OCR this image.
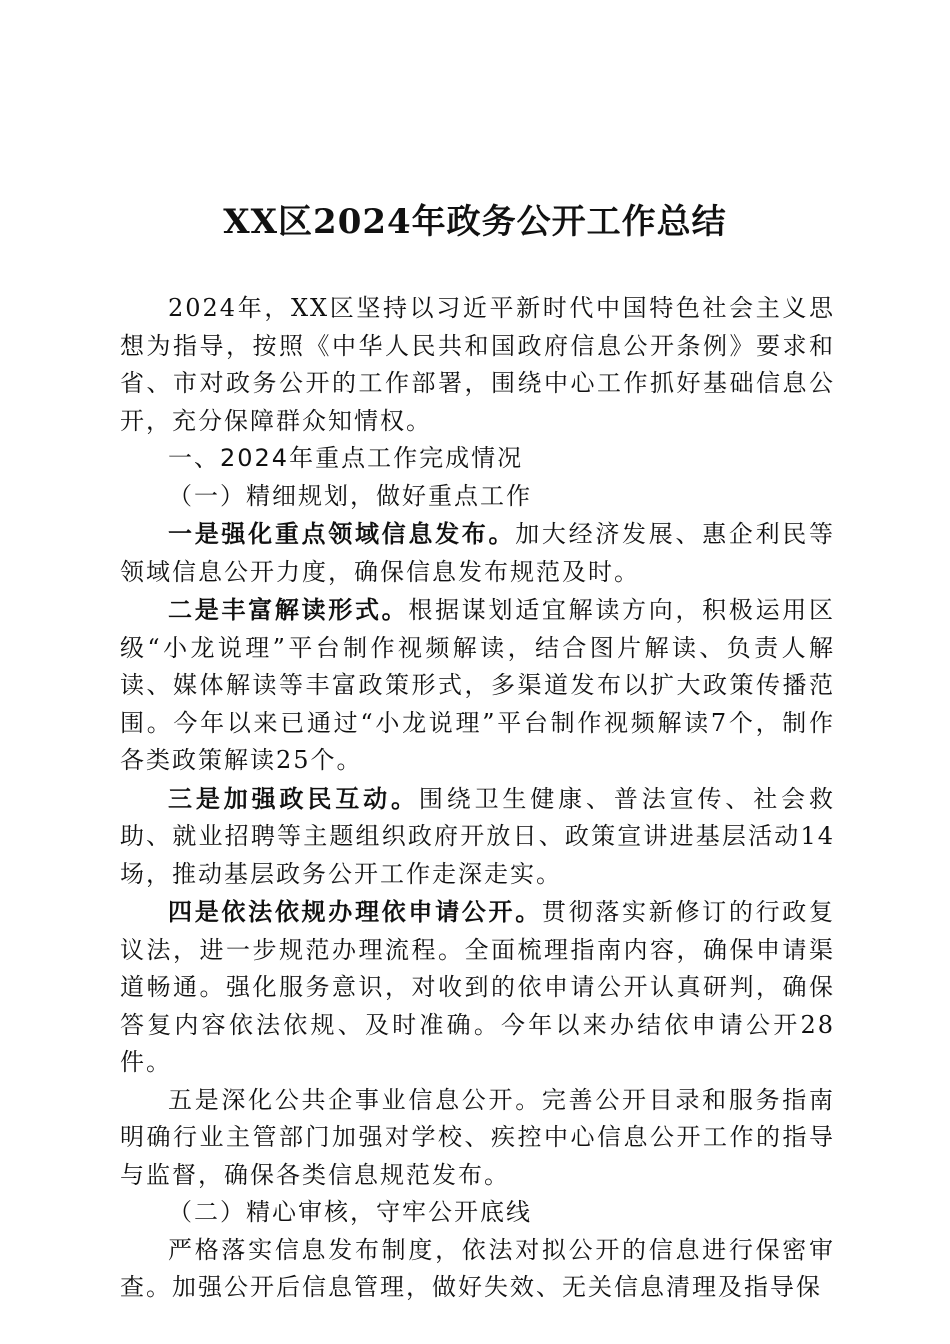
XX区2024年政务公开工作总结

2024年，XX区坚持以习近平新时代中国特色社会主义思想为指导，按照《中华人民共和国政府信息公开条例》要求和省、市对政务公开的工作部署，围绕中心工作抓好基础信息公开，充分保障群众知情权。

一、2024年重点工作完成情况

（一）精细规划，做好重点工作

一是强化重点领域信息发布。加大经济发展、惠企利民等领域信息公开力度，确保信息发布规范及时。

二是丰富解读形式。根据谋划适宜解读方向，积极运用区级“小龙说理”平台制作视频解读，结合图片解读、负责人解读、媒体解读等丰富政策形式，多渠道发布以扩大政策传播范围。今年以来已通过“小龙说理”平台制作视频解读7个，制作各类政策解读25个。

三是加强政民互动。围绕卫生健康、普法宣传、社会救助、就业招聘等主题组织政府开放日、政策宣讲进基层活动14场，推动基层政务公开工作走深走实。

四是依法依规办理依申请公开。贯彻落实新修订的行政复议法，进一步规范办理流程。全面梳理指南内容，确保申请渠道畅通。强化服务意识，对收到的依申请公开认真研判，确保答复内容依法依规、及时准确。今年以来办结依申请公开28件。

五是深化公共企事业信息公开。完善公开目录和服务指南明确行业主管部门加强对学校、疾控中心信息公开工作的指导与监督，确保各类信息规范发布。

（二）精心审核，守牢公开底线

严格落实信息发布制度，依法对拟公开的信息进行保密审查。加强公开后信息管理，做好失效、无关信息清理及指导保
